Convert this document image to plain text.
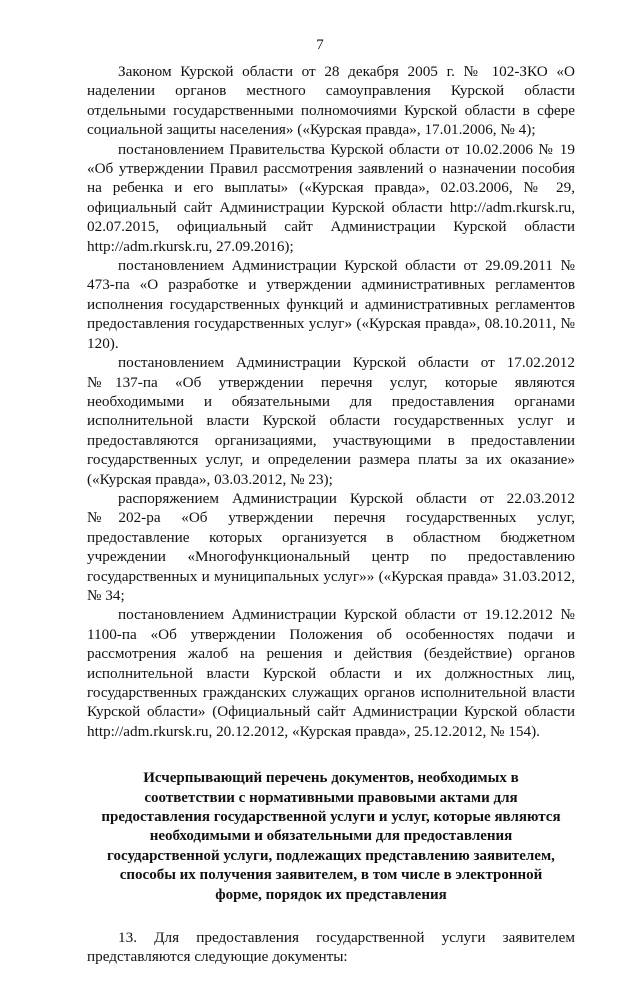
7

Законом Курской области от 28 декабря 2005 г. № 102-ЗКО «О наделении органов местного самоуправления Курской области отдельными государственными полномочиями Курской области в сфере социальной защиты населения» («Курская правда», 17.01.2006, № 4);

постановлением Правительства Курской области от 10.02.2006 № 19 «Об утверждении Правил рассмотрения заявлений о назначении пособия на ребенка и его выплаты» («Курская правда», 02.03.2006, № 29, официальный сайт Администрации Курской области http://adm.rkursk.ru, 02.07.2015, официальный сайт Администрации Курской области http://adm.rkursk.ru, 27.09.2016);

постановлением Администрации Курской области от 29.09.2011 № 473-па «О разработке и утверждении административных регламентов исполнения государственных функций и административных регламентов предоставления государственных услуг» («Курская правда», 08.10.2011, № 120).

постановлением Администрации Курской области от 17.02.2012 №137-па «Об утверждении перечня услуг, которые являются необходимыми и обязательными для предоставления органами исполнительной власти Курской области государственных услуг и предоставляются организациями, участвующими в предоставлении государственных услуг, и определении размера платы за их оказание» («Курская правда», 03.03.2012, № 23);

распоряжением Администрации Курской области от 22.03.2012 №202-ра «Об утверждении перечня государственных услуг, предоставление которых организуется в областном бюджетном учреждении «Многофункциональный центр по предоставлению государственных и муниципальных услуг»» («Курская правда» 31.03.2012, № 34;

постановлением Администрации Курской области от 19.12.2012 № 1100-па «Об утверждении Положения об особенностях подачи и рассмотрения жалоб на решения и действия (бездействие) органов исполнительной власти Курской области и их должностных лиц, государственных гражданских служащих органов исполнительной власти Курской области» (Официальный сайт Администрации Курской области http://adm.rkursk.ru, 20.12.2012, «Курская правда», 25.12.2012, № 154).

Исчерпывающий перечень документов, необходимых в соответствии с нормативными правовыми актами для предоставления государственной услуги и услуг, которые являются необходимыми и обязательными для предоставления государственной услуги, подлежащих представлению заявителем, способы их получения заявителем, в том числе в электронной форме, порядок их представления

13. Для предоставления государственной услуги заявителем представляются следующие документы:
